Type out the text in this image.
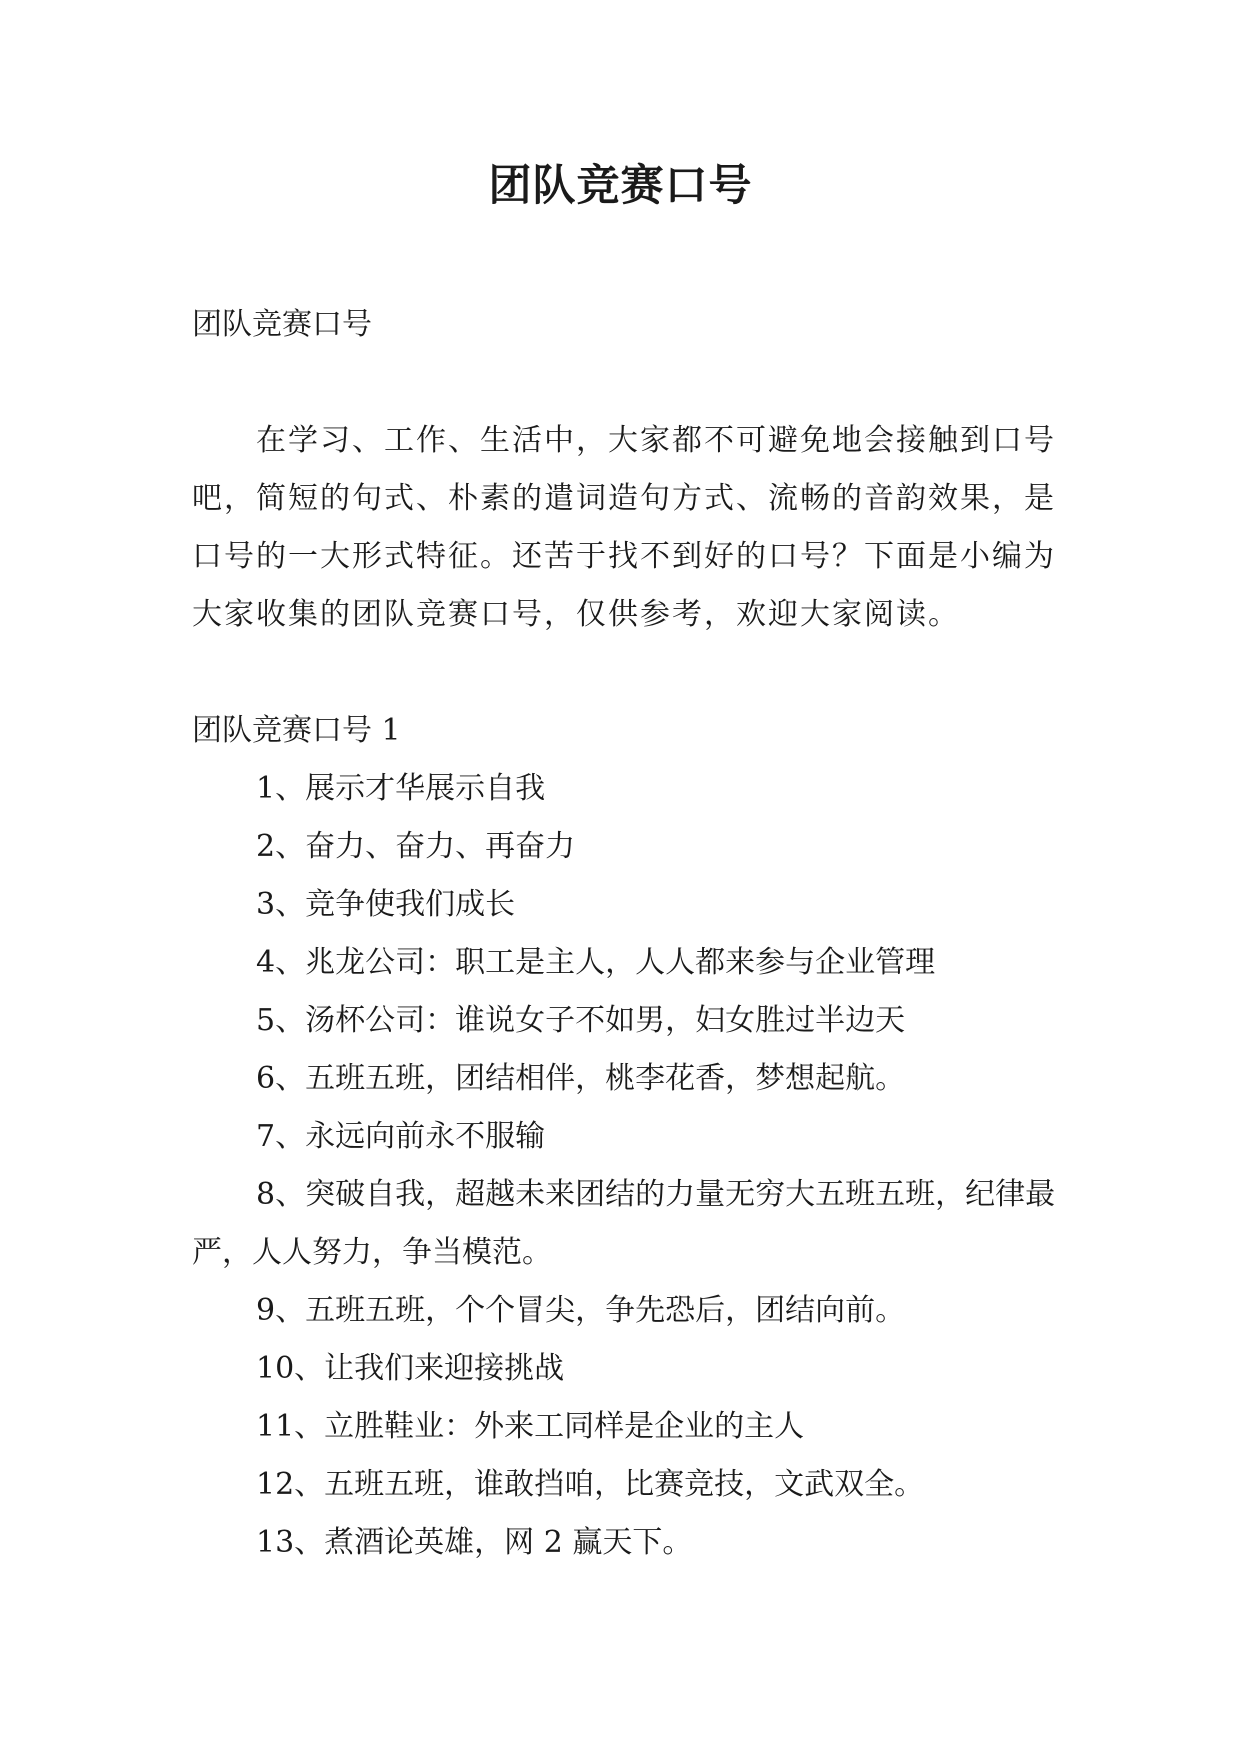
团队竞赛口号

团队竞赛口号

在学习、工作、生活中，大家都不可避免地会接触到口号吧，简短的句式、朴素的遣词造句方式、流畅的音韵效果，是口号的一大形式特征。还苦于找不到好的口号？下面是小编为大家收集的团队竞赛口号，仅供参考，欢迎大家阅读。

团队竞赛口号 1

1、展示才华展示自我

2、奋力、奋力、再奋力

3、竞争使我们成长

4、兆龙公司：职工是主人，人人都来参与企业管理

5、汤杯公司：谁说女子不如男，妇女胜过半边天

6、五班五班，团结相伴，桃李花香，梦想起航。

7、永远向前永不服输

8、突破自我，超越未来团结的力量无穷大五班五班，纪律最严，人人努力，争当模范。

9、五班五班，个个冒尖，争先恐后，团结向前。

10、让我们来迎接挑战

11、立胜鞋业：外来工同样是企业的主人

12、五班五班，谁敢挡咱，比赛竞技，文武双全。

13、煮酒论英雄，网 2 赢天下。
